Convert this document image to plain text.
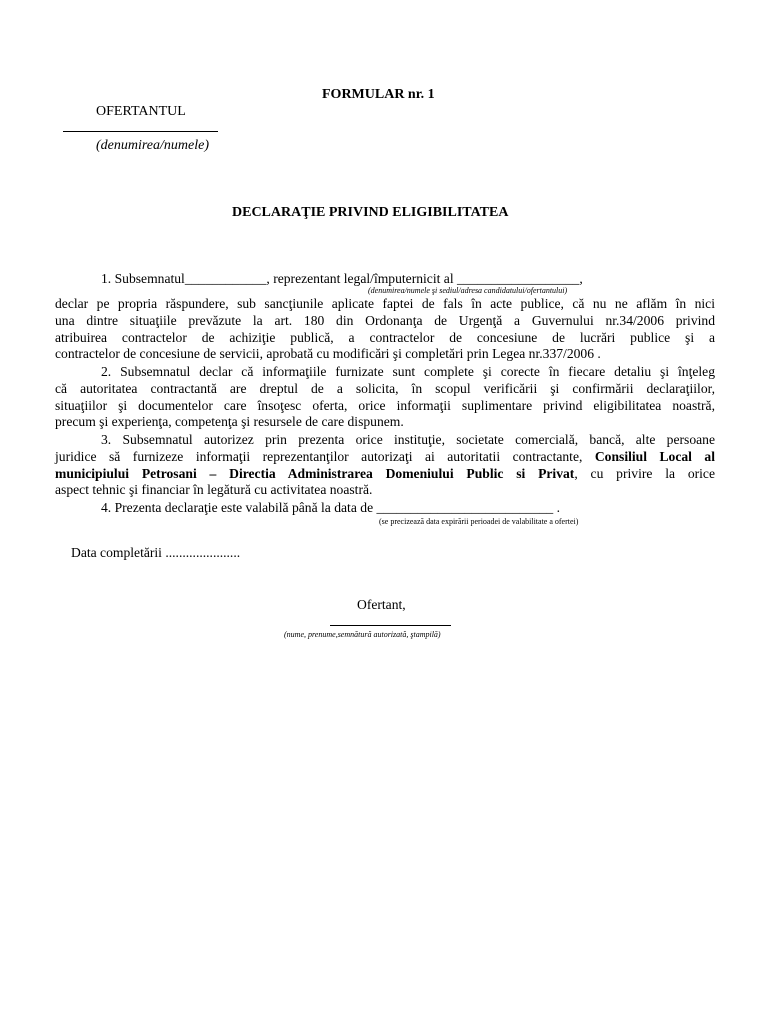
FORMULAR nr. 1
OFERTANTUL
(denumirea/numele)
DECLARAŢIE PRIVIND ELIGIBILITATEA
1. Subsemnatul____________, reprezentant legal/împuternicit al __________________,
(denumirea/numele şi sediul/adresa candidatului/ofertantului)
declar pe propria răspundere, sub sancţiunile aplicate faptei de fals în acte publice, că nu ne aflăm în nici
una dintre situaţiile prevăzute la art. 180 din Ordonanţa de Urgenţă a Guvernului nr.34/2006 privind
atribuirea contractelor de achiziţie publică, a contractelor de concesiune de lucrări publice şi a
contractelor de concesiune de servicii, aprobată cu modificări şi completări prin Legea nr.337/2006 .
2. Subsemnatul declar că informaţiile furnizate sunt complete şi corecte în fiecare detaliu şi înţeleg
că autoritatea contractantă are dreptul de a solicita, în scopul verificării şi confirmării declaraţiilor,
situaţiilor şi documentelor care însoţesc oferta, orice informaţii suplimentare privind eligibilitatea noastră,
precum şi experienţa, competenţa şi resursele de care dispunem.
3. Subsemnatul autorizez prin prezenta orice instituţie, societate comercială, bancă, alte persoane
juridice să furnizeze informaţii reprezentanţilor autorizaţi ai autoritatii contractante, Consiliul Local al
municipiului Petrosani – Directia Administrarea Domeniului Public si Privat, cu privire la orice
aspect tehnic şi financiar în legătură cu activitatea noastră.
4. Prezenta declaraţie este valabilă până la data de __________________________ .
(se precizează data expirării perioadei de valabilitate a ofertei)
Data completării ......................
Ofertant,
(nume, prenume,semnătură autorizată, ştampilă)
